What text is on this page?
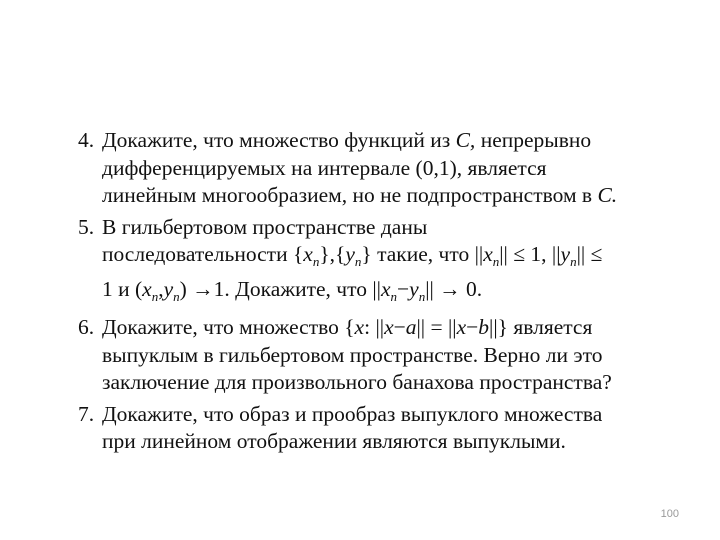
4. Докажите, что множество функций из C, непрерывно
дифференцируемых на интервале (0,1), является
линейным многообразием, но не подпространством в C.
5. В гильбертовом пространстве даны
последовательности $\{x_n\},\{y_n\}$ такие, что $||x_n|| \le 1$, $||y_n||$ ≤
1 и $(x_n,y_n) \to 1$. Докажите, что $||x_n-y_n|| \to 0$.
6. Докажите, что множество {x: ||x−a|| = ||x−b||} является
выпуклым в гильбертовом пространстве. Верно ли это
заключение для произвольного банахова пространства?
7. Докажите, что образ и прообраз выпуклого множества
при линейном отображении являются выпуклыми.
100
